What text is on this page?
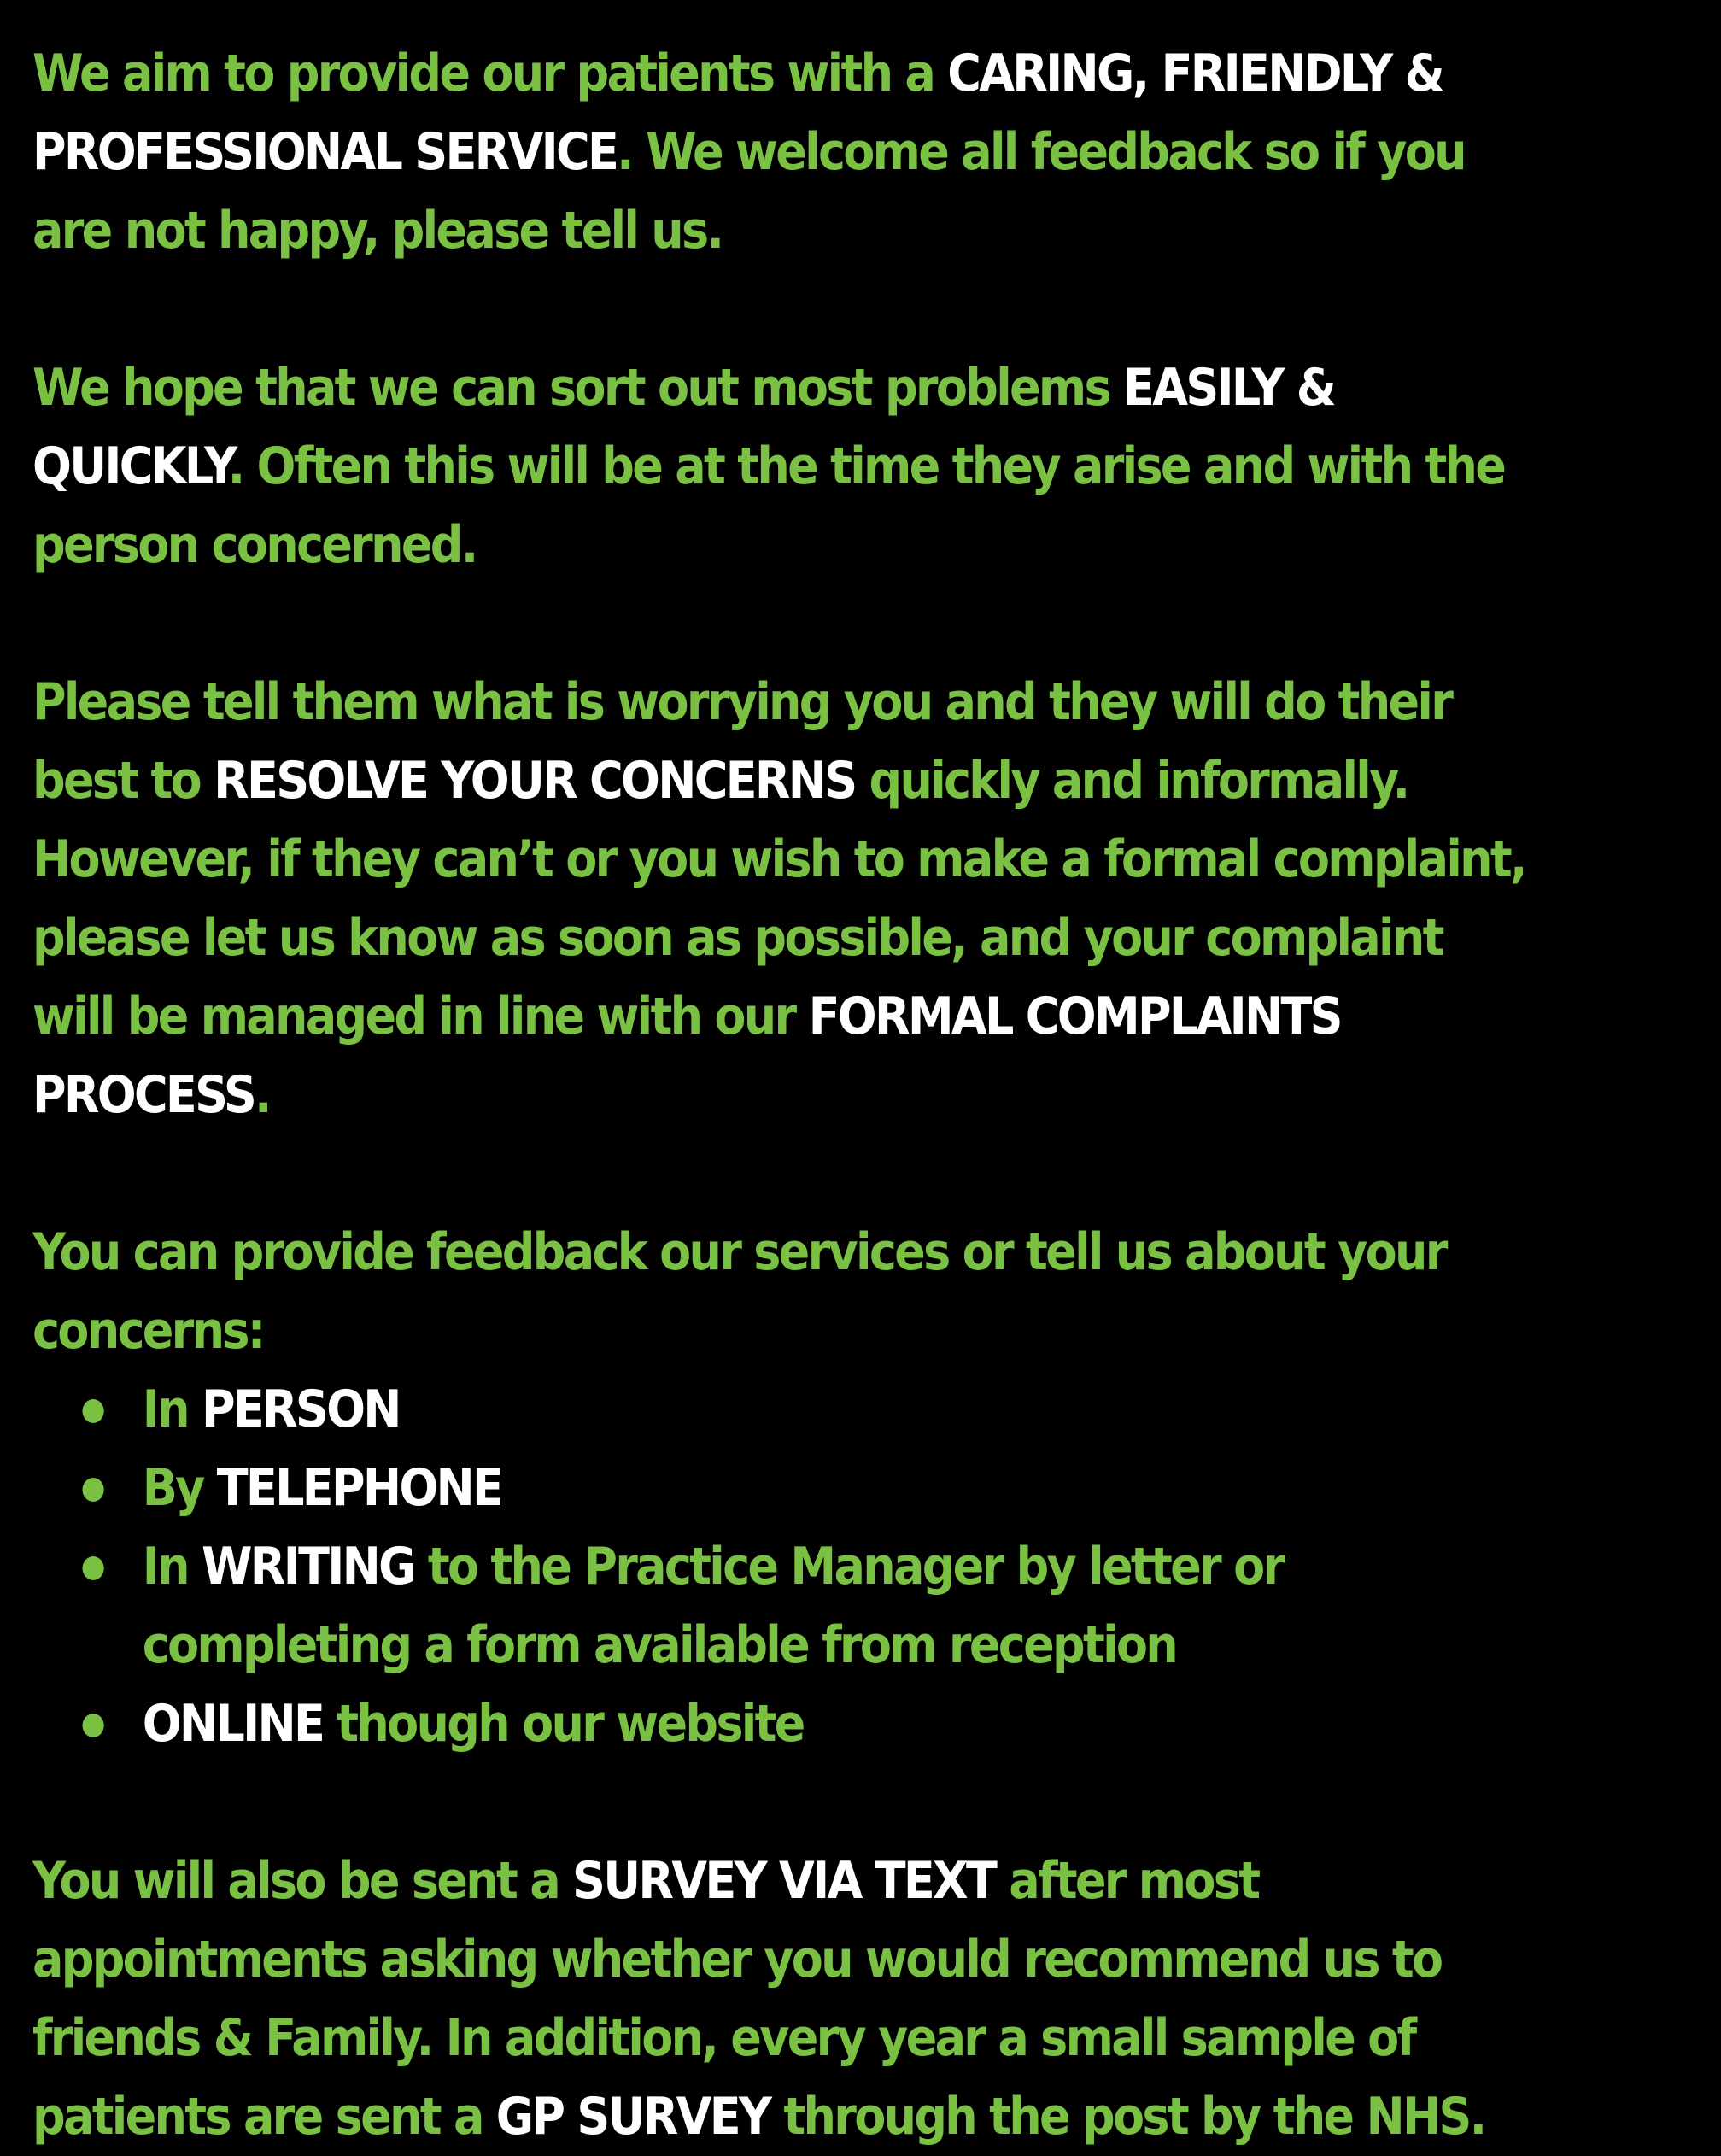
We aim to provide our patients with a CARING, FRIENDLY & PROFESSIONAL SERVICE. We welcome all feedback so if you are not happy, please tell us.

We hope that we can sort out most problems EASILY & QUICKLY. Often this will be at the time they arise and with the person concerned.

Please tell them what is worrying you and they will do their best to RESOLVE YOUR CONCERNS quickly and informally. However, if they can’t or you wish to make a formal complaint, please let us know as soon as possible, and your complaint will be managed in line with our FORMAL COMPLAINTS PROCESS.

You can provide feedback our services or tell us about your concerns:

In PERSON
By TELEPHONE
In WRITING to the Practice Manager by letter or completing a form available from reception
ONLINE though our website

You will also be sent a SURVEY VIA TEXT after most appointments asking whether you would recommend us to friends & Family. In addition, every year a small sample of patients are sent a GP SURVEY through the post by the NHS.
